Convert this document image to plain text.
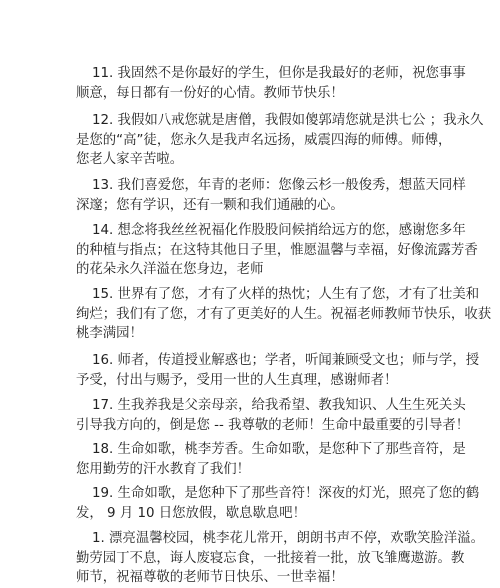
11. 我固然不是你最好的学生，但你是我最好的老师，祝您事事
顺意，每日都有一份好的心情。教师节快乐！
12. 我假如八戒您就是唐僧，我假如傻郭靖您就是洪七公 ；我永久
是您的“高”徒，您永久是我声名远扬，威震四海的师傅。师傅，
您老人家辛苦啦。
13. 我们喜爱您，年青的老师：您像云杉一般俊秀，想蓝天同样
深邃；您有学识，还有一颗和我们通融的心。
14. 想念将我丝丝祝福化作股股问候捎给远方的您，感谢您多年
的种植与指点；在这特其他日子里，惟愿温馨与幸福，好像流露芳香
的花朵永久洋溢在您身边，老师
15. 世界有了您，才有了火样的热忱；人生有了您，才有了壮美和
绚烂；我们有了您，才有了更美好的人生。祝福老师教师节快乐，收获
桃李满园！
16. 师者，传道授业解惑也；学者，听闻兼顾受文也；师与学，授
予受，付出与赐予，受用一世的人生真理，感谢师者！
17. 生我养我是父亲母亲，给我希望、教我知识、人生生死关头
引导我方向的，倒是您 -- 我尊敬的老师！生命中最重要的引导者！
18. 生命如歌，桃李芳香。生命如歌，是您种下了那些音符，是
您用勤劳的汗水教育了我们！
19. 生命如歌，是您种下了那些音符！深夜的灯光，照亮了您的鹤
发， 9 月 10 日您放假，歇息歇息吧！
1. 漂亮温馨校园，桃李花儿常开，朗朗书声不停，欢歌笑脸洋溢。
勤劳园丁不息，诲人废寝忘食，一批接着一批，放飞雏鹰遨游。教
师节，祝福尊敬的老师节日快乐、一世幸福！
